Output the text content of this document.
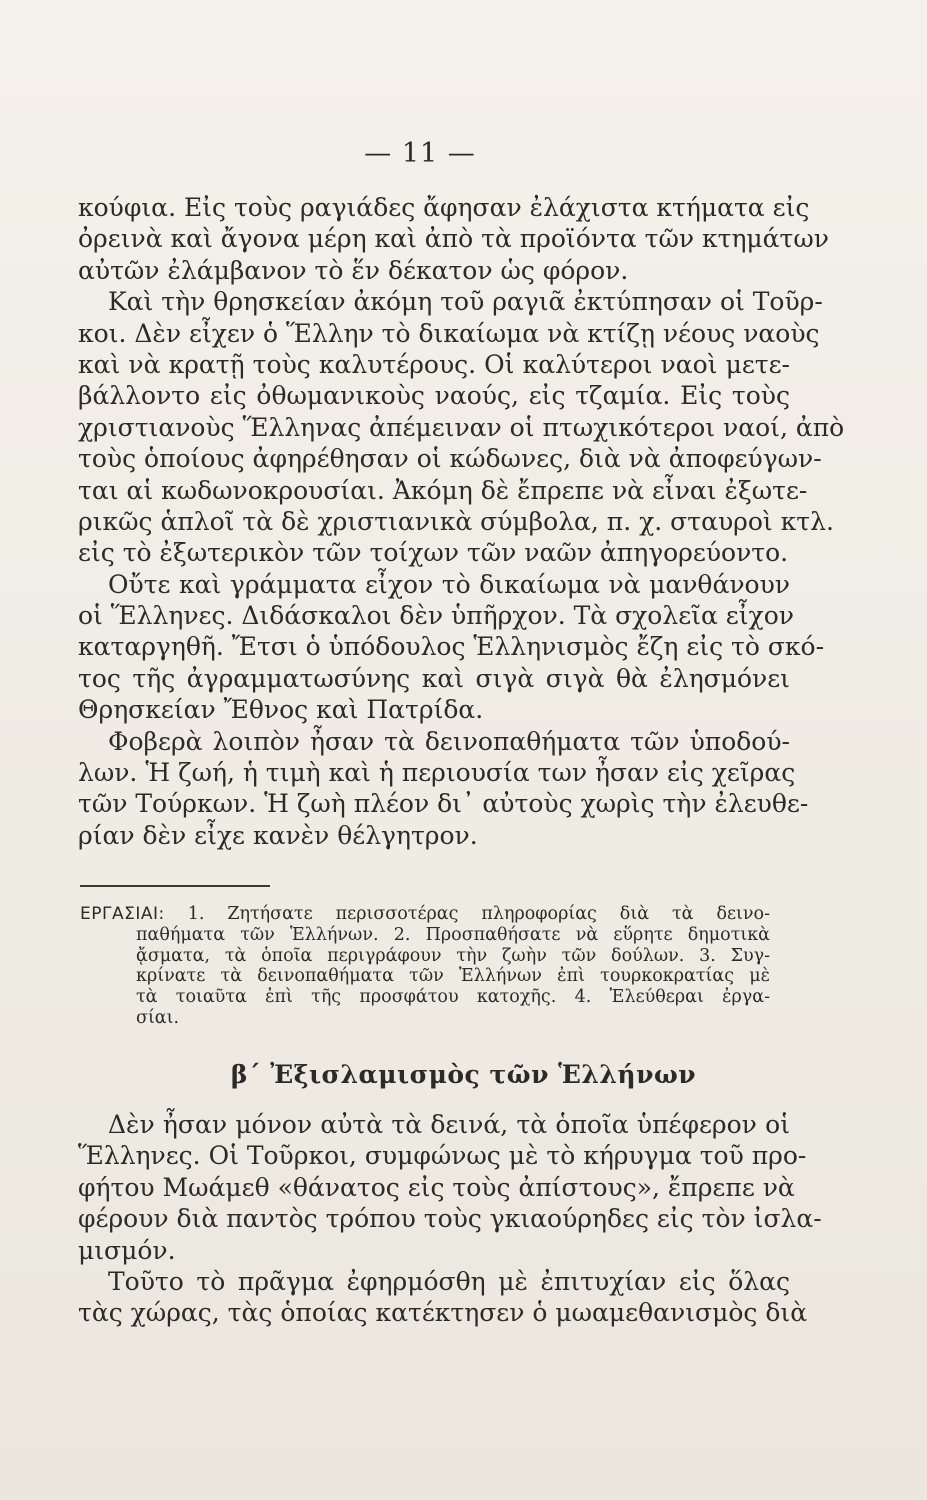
— 11 —
κούφια. Εἰς τοὺς ραγιάδες ἄφησαν ἐλάχιστα κτήματα εἰς
ὀρεινὰ καὶ ἄγονα μέρη καὶ ἀπὸ τὰ προϊόντα τῶν κτημάτων
αὐτῶν ἐλάμβανον τὸ ἕν δέκατον ὡς φόρον.
Καὶ τὴν θρησκείαν ἀκόμη τοῦ ραγιᾶ ἐκτύπησαν οἱ Τοῦρ-
κοι. Δὲν εἶχεν ὁ Ἕλλην τὸ δικαίωμα νὰ κτίζῃ νέους ναοὺς
καὶ νὰ κρατῇ τοὺς καλυτέρους. Οἱ καλύτεροι ναοὶ μετε-
βάλλοντο εἰς ὀθωμανικοὺς ναούς, εἰς τζαμία. Εἰς τοὺς
χριστιανοὺς Ἕλληνας ἀπέμειναν οἱ πτωχικότεροι ναοί, ἀπὸ
τοὺς ὁποίους ἀφηρέθησαν οἱ κώδωνες, διὰ νὰ ἀποφεύγων-
ται αἱ κωδωνοκρουσίαι. Ἀκόμη δὲ ἔπρεπε νὰ εἶναι ἐξωτε-
ρικῶς ἁπλοῖ τὰ δὲ χριστιανικὰ σύμβολα, π. χ. σταυροὶ κτλ.
εἰς τὸ ἐξωτερικὸν τῶν τοίχων τῶν ναῶν ἀπηγορεύοντο.
Οὔτε καὶ γράμματα εἶχον τὸ δικαίωμα νὰ μανθάνουν
οἱ Ἕλληνες. Διδάσκαλοι δὲν ὑπῆρχον. Τὰ σχολεῖα εἶχον
καταργηθῆ. Ἔτσι ὁ ὑπόδουλος Ἑλληνισμὸς ἔζη εἰς τὸ σκό-
τος τῆς ἀγραμματωσύνης καὶ σιγὰ σιγὰ θὰ ἐλησμόνει
Θρησκείαν Ἔθνος καὶ Πατρίδα.
Φοβερὰ λοιπὸν ἦσαν τὰ δεινοπαθήματα τῶν ὑποδού-
λων. Ἡ ζωή, ἡ τιμὴ καὶ ἡ περιουσία των ἦσαν εἰς χεῖρας
τῶν Τούρκων. Ἡ ζωὴ πλέον δι᾽ αὐτοὺς χωρὶς τὴν ἐλευθε-
ρίαν δὲν εἶχε κανὲν θέλγητρον.
ΕΡΓΑΣΙΑΙ: 1. Ζητήσατε περισσοτέρας πληροφορίας διὰ τὰ δεινο-
παθήματα τῶν Ἑλλήνων. 2. Προσπαθήσατε νὰ εὕρητε δημοτικὰ
ᾄσματα, τὰ ὁποῖα περιγράφουν τὴν ζωὴν τῶν δούλων. 3. Συγ-
κρίνατε τὰ δεινοπαθήματα τῶν Ἑλλήνων ἐπὶ τουρκοκρατίας μὲ
τὰ τοιαῦτα ἐπὶ τῆς προσφάτου κατοχῆς. 4. Ἐλεύθεραι ἐργα-
σίαι.
β΄ Ἐξισλαμισμὸς τῶν Ἑλλήνων
Δὲν ἦσαν μόνον αὐτὰ τὰ δεινά, τὰ ὁποῖα ὑπέφερον οἱ
Ἕλληνες. Οἱ Τοῦρκοι, συμφώνως μὲ τὸ κήρυγμα τοῦ προ-
φήτου Μωάμεθ «θάνατος εἰς τοὺς ἀπίστους», ἔπρεπε νὰ
φέρουν διὰ παντὸς τρόπου τοὺς γκιαούρηδες εἰς τὸν ἰσλα-
μισμόν.
Τοῦτο τὸ πρᾶγμα ἐφηρμόσθη μὲ ἐπιτυχίαν εἰς ὅλας
τὰς χώρας, τὰς ὁποίας κατέκτησεν ὁ μωαμεθανισμὸς διὰ
